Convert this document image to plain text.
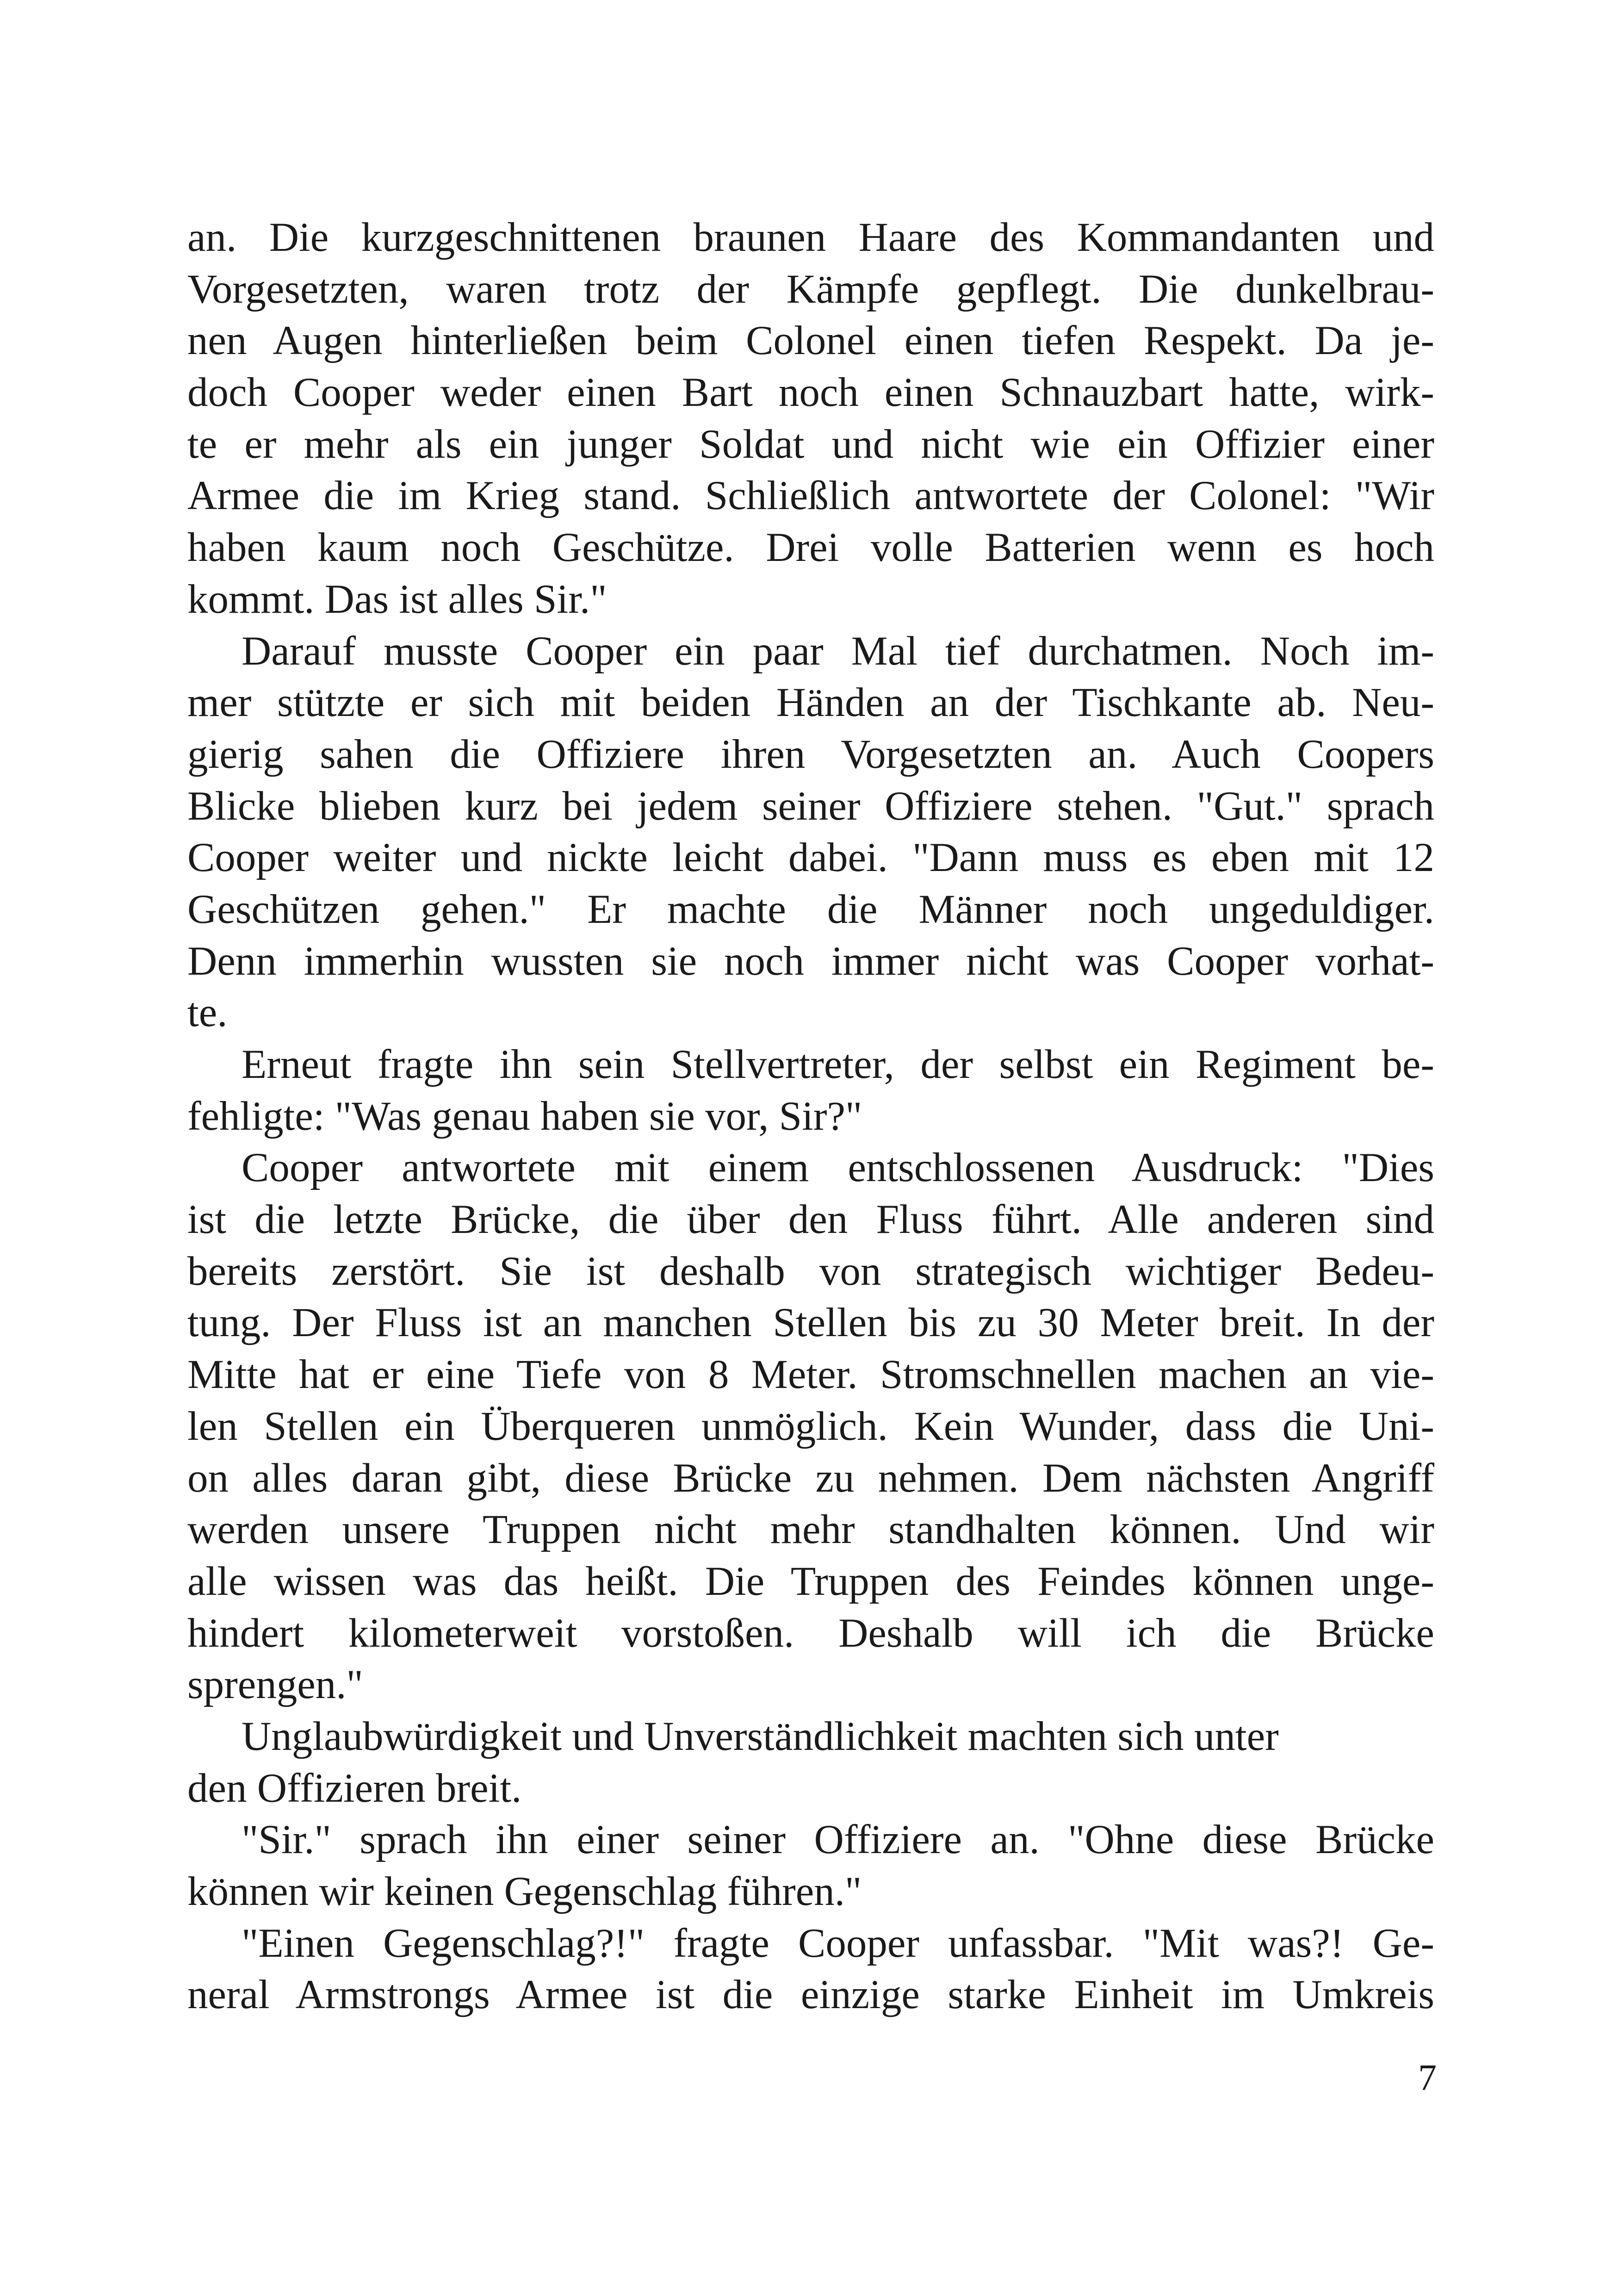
an. Die kurzgeschnittenen braunen Haare des Kommandanten und
Vorgesetzten, waren trotz der Kämpfe gepflegt. Die dunkelbrau-
nen Augen hinterließen beim Colonel einen tiefen Respekt. Da je-
doch Cooper weder einen Bart noch einen Schnauzbart hatte, wirk-
te er mehr als ein junger Soldat und nicht wie ein Offizier einer
Armee die im Krieg stand. Schließlich antwortete der Colonel: "Wir
haben kaum noch Geschütze. Drei volle Batterien wenn es hoch
kommt. Das ist alles Sir."
Darauf musste Cooper ein paar Mal tief durchatmen. Noch im-
mer stützte er sich mit beiden Händen an der Tischkante ab. Neu-
gierig sahen die Offiziere ihren Vorgesetzten an. Auch Coopers
Blicke blieben kurz bei jedem seiner Offiziere stehen. "Gut." sprach
Cooper weiter und nickte leicht dabei. "Dann muss es eben mit 12
Geschützen gehen." Er machte die Männer noch ungeduldiger.
Denn immerhin wussten sie noch immer nicht was Cooper vorhat-
te.
Erneut fragte ihn sein Stellvertreter, der selbst ein Regiment be-
fehligte: "Was genau haben sie vor, Sir?"
Cooper antwortete mit einem entschlossenen Ausdruck: "Dies
ist die letzte Brücke, die über den Fluss führt. Alle anderen sind
bereits zerstört. Sie ist deshalb von strategisch wichtiger Bedeu-
tung. Der Fluss ist an manchen Stellen bis zu 30 Meter breit. In der
Mitte hat er eine Tiefe von 8 Meter. Stromschnellen machen an vie-
len Stellen ein Überqueren unmöglich. Kein Wunder, dass die Uni-
on alles daran gibt, diese Brücke zu nehmen. Dem nächsten Angriff
werden unsere Truppen nicht mehr standhalten können. Und wir
alle wissen was das heißt. Die Truppen des Feindes können unge-
hindert kilometerweit vorstoßen. Deshalb will ich die Brücke
sprengen."
Unglaubwürdigkeit und Unverständlichkeit machten sich unter
den Offizieren breit.
"Sir." sprach ihn einer seiner Offiziere an. "Ohne diese Brücke
können wir keinen Gegenschlag führen."
"Einen Gegenschlag?!" fragte Cooper unfassbar. "Mit was?! Ge-
neral Armstrongs Armee ist die einzige starke Einheit im Umkreis
7
